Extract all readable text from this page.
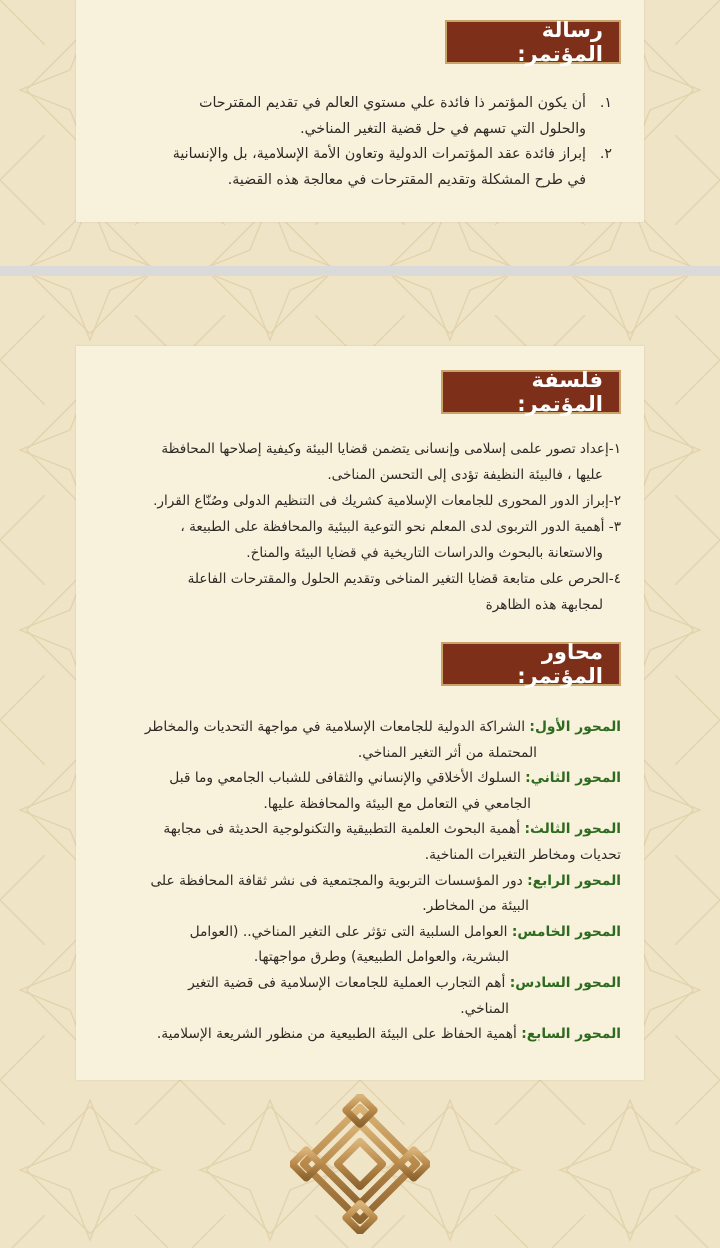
رسالة المؤتمر:
١.
أن يكون المؤتمر ذا فائدة علي مستوي العالم في تقديم المقترحات
والحلول التي تسهم في حل قضية التغير المناخي.
٢.
إبراز فائدة عقد المؤتمرات الدولية وتعاون الأمة الإسلامية، بل والإنسانية
في طرح المشكلة وتقديم المقترحات في معالجة هذه القضية.
فلسفة المؤتمر:
١-إعداد تصور علمى إسلامى وإنسانى يتضمن قضايا البيئة وكيفية إصلاحها المحافظة
عليها ، فالبيئة النظيفة تؤدى إلى التحسن المناخى.
٢-إبراز الدور المحورى للجامعات الإسلامية كشريك فى التنظيم الدولى وصُنّاع القرار.
٣- أهمية الدور التربوى لدى المعلم نحو التوعية البيئية والمحافظة على الطبيعة ،
والاستعانة بالبحوث والدراسات التاريخية في قضايا البيئة والمناخ.
٤-الحرص على متابعة قضايا التغير المناخى وتقديم الحلول والمقترحات الفاعلة
لمجابهة هذه الظاهرة
محاور المؤتمر:
المحور الأول: الشراكة الدولية للجامعات الإسلامية في مواجهة التحديات والمخاطر
المحتملة من أثر التغير المناخي.
المحور الثاني: السلوك الأخلاقي والإنساني والثقافى للشباب الجامعي وما قبل
الجامعي في التعامل مع البيئة والمحافظة عليها.
المحور الثالث: أهمية البحوث العلمية التطبيقية والتكنولوجية الحديثة فى مجابهة
تحديات ومخاطر التغيرات المناخية.
المحور الرابع: دور المؤسسات التربوية والمجتمعية فى نشر ثقافة المحافظة على
البيئة من المخاطر.
المحور الخامس: العوامل السلبية التى تؤثر على التغير المناخي.. (العوامل
البشرية، والعوامل الطبيعية) وطرق مواجهتها.
المحور السادس: أهم التجارب العملية للجامعات الإسلامية فى قضية التغير
المناخي.
المحور السابع: أهمية الحفاظ على البيئة الطبيعية من منظور الشريعة الإسلامية.
